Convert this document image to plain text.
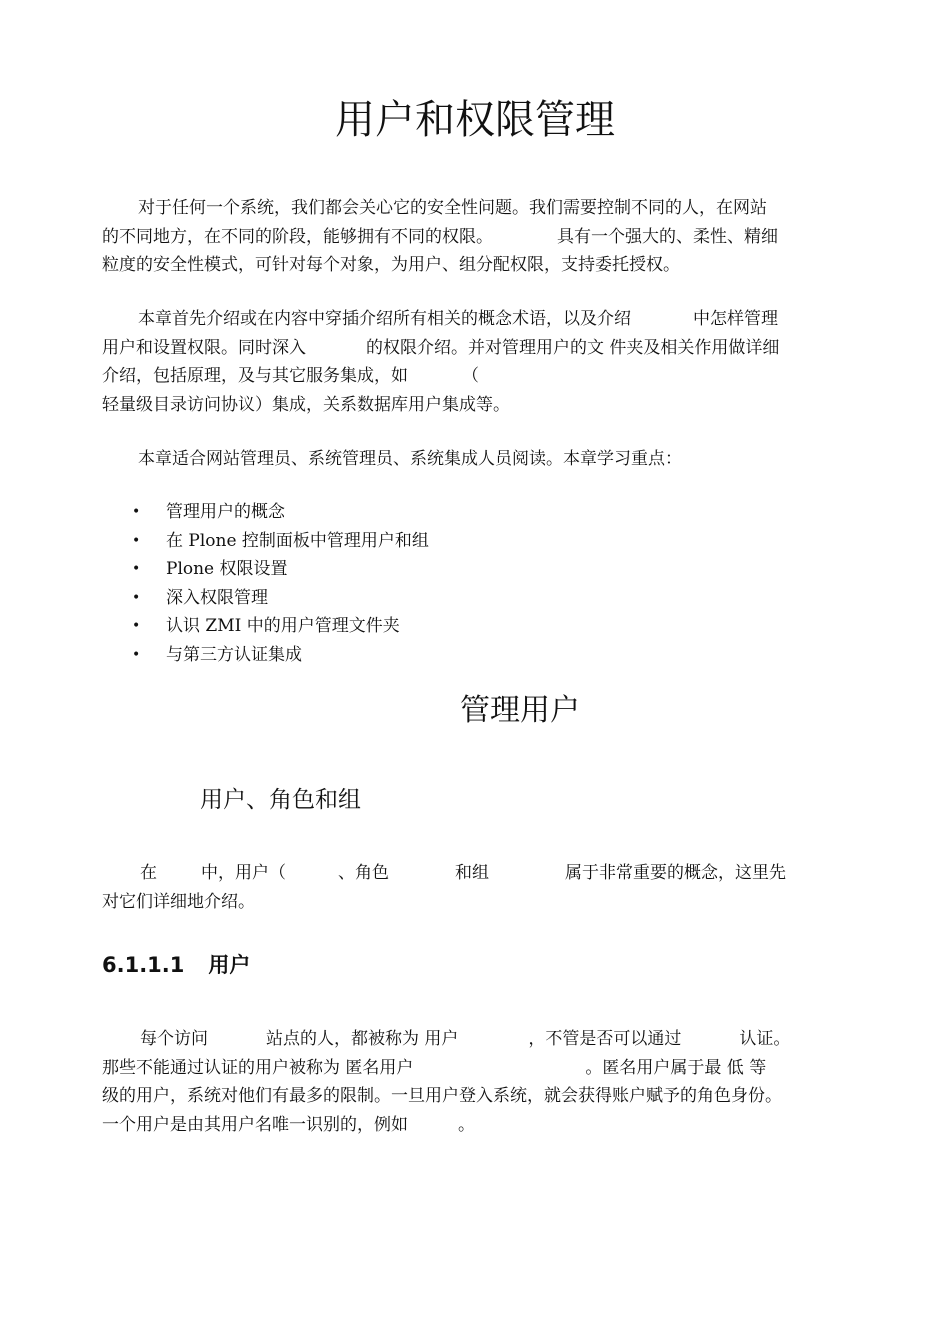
用户和权限管理
对于任何一个系统，我们都会关心它的安全性问题。我们需要控制不同的人，在网站
的不同地方，在不同的阶段，能够拥有不同的权限。	具有一个强大的、柔性、精细
粒度的安全性模式，可针对每个对象，为用户、组分配权限，支持委托授权。
本章首先介绍或在内容中穿插介绍所有相关的概念术语，以及介绍	中怎样管理
用户和设置权限。同时深入	的权限介绍。并对管理用户的文 件夹及相关作用做详细
介绍，包括原理，及与其它服务集成，如	（
轻量级目录访问协议）集成，关系数据库用户集成等。
本章适合网站管理员、系统管理员、系统集成人员阅读。本章学习重点：
• 管理用户的概念
• 在 Plone 控制面板中管理用户和组
• Plone 权限设置
• 深入权限管理
• 认识 ZMI 中的用户管理文件夹
• 与第三方认证集成
管理用户
用户、角色和组
在	中，用户（	、角色	和组	属于非常重要的概念，这里先
对它们详细地介绍。
6.1.1.1 用户
每个访问	站点的人，都被称为 用户	，不管是否可以通过	认证。
那些不能通过认证的用户被称为 匿名用户	。匿名用户属于最 低 等
级的用户，系统对他们有最多的限制。一旦用户登入系统，就会获得账户赋予的角色身份。
一个用户是由其用户名唯一识别的，例如	。
